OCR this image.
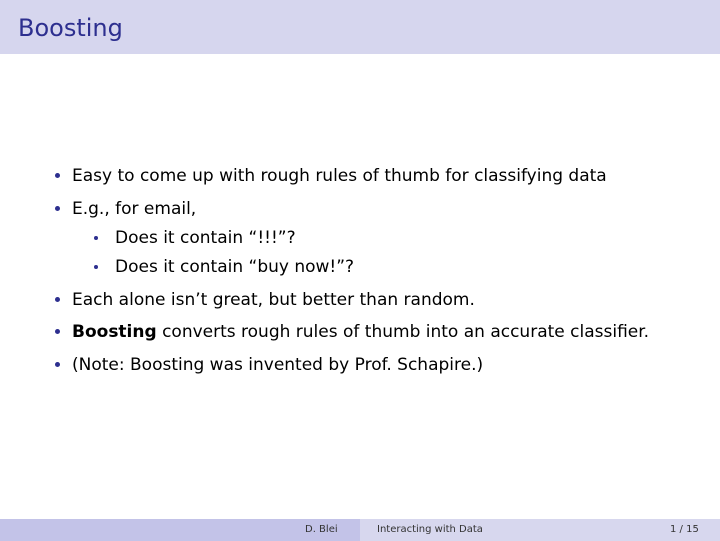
Boosting
Easy to come up with rough rules of thumb for classifying data
E.g., for email,
Does it contain “!!!”?
Does it contain “buy now!”?
Each alone isn’t great, but better than random.
Boosting converts rough rules of thumb into an accurate classifier.
(Note: Boosting was invented by Prof. Schapire.)
D. Blei	Interacting with Data	1 / 15
